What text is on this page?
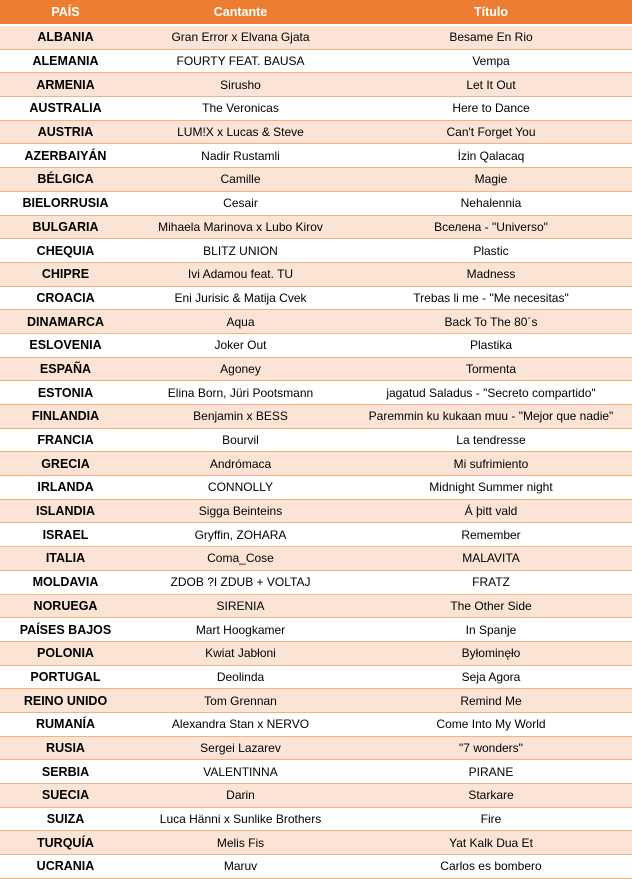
PAÍS	Cantante	Título
ALBANIA	Gran Error x Elvana Gjata	Besame En Rio
ALEMANIA	FOURTY FEAT. BAUSA	Vempa
ARMENIA	Sirusho	Let It Out
AUSTRALIA	The Veronicas	Here to Dance
AUSTRIA	LUM!X x Lucas & Steve	Can't Forget You
AZERBAIYÁN	Nadir Rustamli	İzin Qalacaq
BÉLGICA	Camille	Magie
BIELORRUSIA	Cesair	Nehalennia
BULGARIA	Mihaela Marinova x Lubo Kirov	Вселена - "Universo"
CHEQUIA	BLITZ UNION	Plastic
CHIPRE	Ivi Adamou feat. TU	Madness
CROACIA	Eni Jurisic & Matija Cvek	Trebas li me - "Me necesitas"
DINAMARCA	Aqua	Back To The 80´s
ESLOVENIA	Joker Out	Plastika
ESPAÑA	Agoney	Tormenta
ESTONIA	Elina Born, Jüri Pootsmann	jagatud Saladus - "Secreto compartido"
FINLANDIA	Benjamin x BESS	Paremmin ku kukaan muu - "Mejor que nadie"
FRANCIA	Bourvil	La tendresse
GRECIA	Andrómaca	Mi sufrimiento
IRLANDA	CONNOLLY	Midnight Summer night
ISLANDIA	Sigga Beinteins	Á þitt vald
ISRAEL	Gryffin, ZOHARA	Remember
ITALIA	Coma_Cose	MALAVITA
MOLDAVIA	ZDOB ?I ZDUB + VOLTAJ	FRATZ
NORUEGA	SIRENIA	The Other Side
PAÍSES BAJOS	Mart Hoogkamer	In Spanje
POLONIA	Kwiat Jabłoni	Byłominęło
PORTUGAL	Deolinda	Seja Agora
REINO UNIDO	Tom Grennan	Remind Me
RUMANÍA	Alexandra Stan x NERVO	Come Into My World
RUSIA	Sergei Lazarev	"7 wonders"
SERBIA	VALENTINNA	PIRANE
SUECIA	Darin	Starkare
SUIZA	Luca Hänni x Sunlike Brothers	Fire
TURQUÍA	Melis Fis	Yat Kalk Dua Et
UCRANIA	Maruv	Carlos es bombero
